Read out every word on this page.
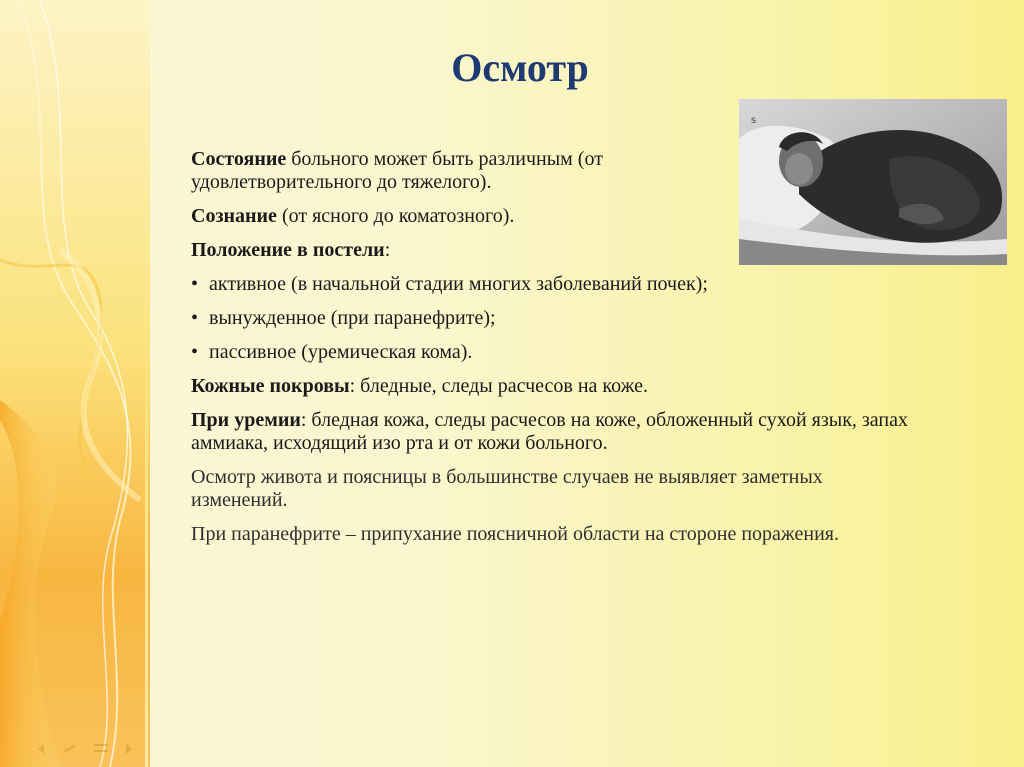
Осмотр
s

Состояние больного может быть различным (от удовлетворительного до тяжелого).

Сознание (от ясного до коматозного).

Положение в постели:

• активное (в начальной стадии многих заболеваний почек);
• вынужденное (при паранефрите);
• пассивное (уремическая кома).

Кожные покровы: бледные, следы расчесов на коже.

При уремии: бледная кожа, следы расчесов на коже, обложенный сухой язык, запах аммиака, исходящий изо рта и от кожи больного.

Осмотр живота и поясницы в большинстве случаев не выявляет заметных изменений.

При паранефрите – припухание поясничной области на стороне поражения.
